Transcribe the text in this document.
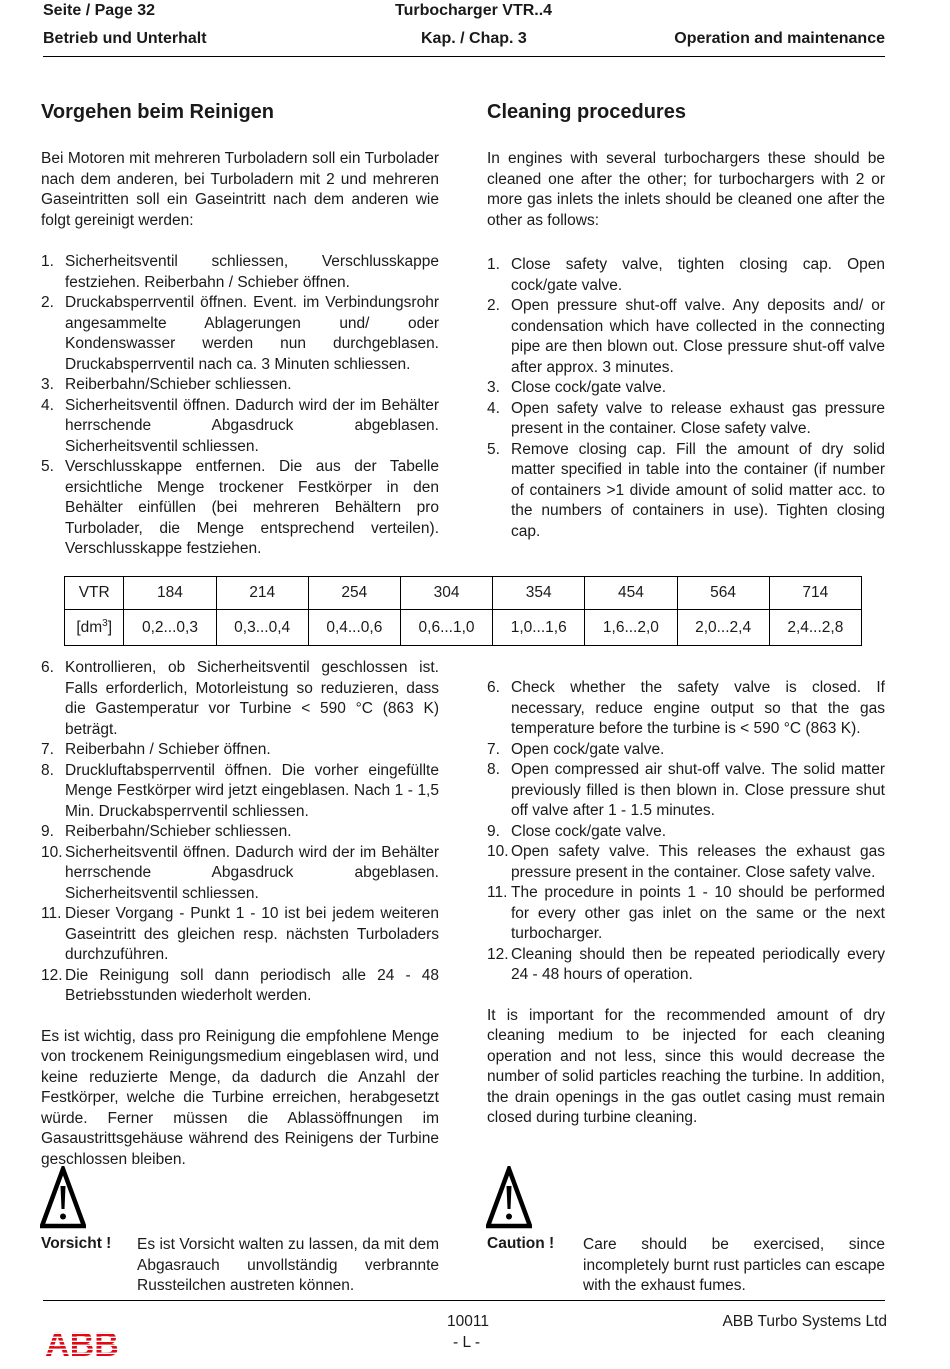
Seite / Page 32	Turbocharger VTR..4
Betrieb und Unterhalt	Kap. / Chap. 3	Operation and maintenance
Vorgehen beim Reinigen
Bei Motoren mit mehreren Turboladern soll ein Turbolader nach dem anderen, bei Turboladern mit 2 und mehreren Gaseintritten soll ein Gaseintritt nach dem anderen wie folgt gereinigt werden:
1. Sicherheitsventil schliessen, Verschlusskappe festziehen. Reiberbahn / Schieber öffnen.
2. Druckabsperrventil öffnen. Event. im Verbindungsrohr angesammelte Ablagerungen und/ oder Kondenswasser werden nun durchgeblasen. Druckabsperrventil nach ca. 3 Minuten schliessen.
3. Reiberbahn/Schieber schliessen.
4. Sicherheitsventil öffnen. Dadurch wird der im Behälter herrschende Abgasdruck abgeblasen. Sicherheitsventil schliessen.
5. Verschlusskappe entfernen. Die aus der Tabelle ersichtliche Menge trockener Festkörper in den Behälter einfüllen (bei mehreren Behältern pro Turbolader, die Menge entsprechend verteilen). Verschlusskappe festziehen.
Cleaning procedures
In engines with several turbochargers these should be cleaned one after the other; for turbochargers with 2 or more gas inlets the inlets should be cleaned one after the other as follows:
1. Close safety valve, tighten closing cap. Open cock/gate valve.
2. Open pressure shut-off valve. Any deposits and/ or condensation which have collected in the connecting pipe are then blown out. Close pressure shut-off valve after approx. 3 minutes.
3. Close cock/gate valve.
4. Open safety valve to release exhaust gas pressure present in the container. Close safety valve.
5. Remove closing cap. Fill the amount of dry solid matter specified in table into the container (if number of containers >1 divide amount of solid matter acc. to the numbers of containers in use). Tighten closing cap.
VTR	184	214	254	304	354	454	564	714
$[dm^3]$	0,2...0,3	0,3...0,4	0,4...0,6	0,6...1,0	1,0...1,6	1,6...2,0	2,0...2,4	2,4...2,8
6. Kontrollieren, ob Sicherheitsventil geschlossen ist. Falls erforderlich, Motorleistung so reduzieren, dass die Gastemperatur vor Turbine < 590 °C (863 K) beträgt.
7. Reiberbahn / Schieber öffnen.
8. Druckluftabsperrventil öffnen. Die vorher eingefüllte Menge Festkörper wird jetzt eingeblasen. Nach 1 - 1,5 Min. Druckabsperrventil schliessen.
9. Reiberbahn/Schieber schliessen.
10. Sicherheitsventil öffnen. Dadurch wird der im Behälter herrschende Abgasdruck abgeblasen. Sicherheitsventil schliessen.
11. Dieser Vorgang - Punkt 1 - 10 ist bei jedem weiteren Gaseintritt des gleichen resp. nächsten Turboladers durchzuführen.
12. Die Reinigung soll dann periodisch alle 24 - 48 Betriebsstunden wiederholt werden.
Es ist wichtig, dass pro Reinigung die empfohlene Menge von trockenem Reinigungsmedium eingeblasen wird, und keine reduzierte Menge, da dadurch die Anzahl der Festkörper, welche die Turbine erreichen, herabgesetzt würde. Ferner müssen die Ablassöffnungen im Gasaustrittsgehäuse während des Reinigens der Turbine geschlossen bleiben.
6. Check whether the safety valve is closed. If necessary, reduce engine output so that the gas temperature before the turbine is < 590 °C (863 K).
7. Open cock/gate valve.
8. Open compressed air shut-off valve. The solid matter previously filled is then blown in. Close pressure shut off valve after 1 - 1.5 minutes.
9. Close cock/gate valve.
10. Open safety valve. This releases the exhaust gas pressure present in the container. Close safety valve.
11. The procedure in points 1 - 10 should be performed for every other gas inlet on the same or the next turbocharger.
12. Cleaning should then be repeated periodically every 24 - 48 hours of operation.
It is important for the recommended amount of dry cleaning medium to be injected for each cleaning operation and not less, since this would decrease the number of solid particles reaching the turbine. In addition, the drain openings in the gas outlet casing must remain closed during turbine cleaning.
Vorsicht ! Es ist Vorsicht walten zu lassen, da mit dem Abgasrauch unvollständig verbrannte Russteilchen austreten können.
Caution ! Care should be exercised, since incompletely burnt rust particles can escape with the exhaust fumes.
ABB
10011
- L -
ABB Turbo Systems Ltd
